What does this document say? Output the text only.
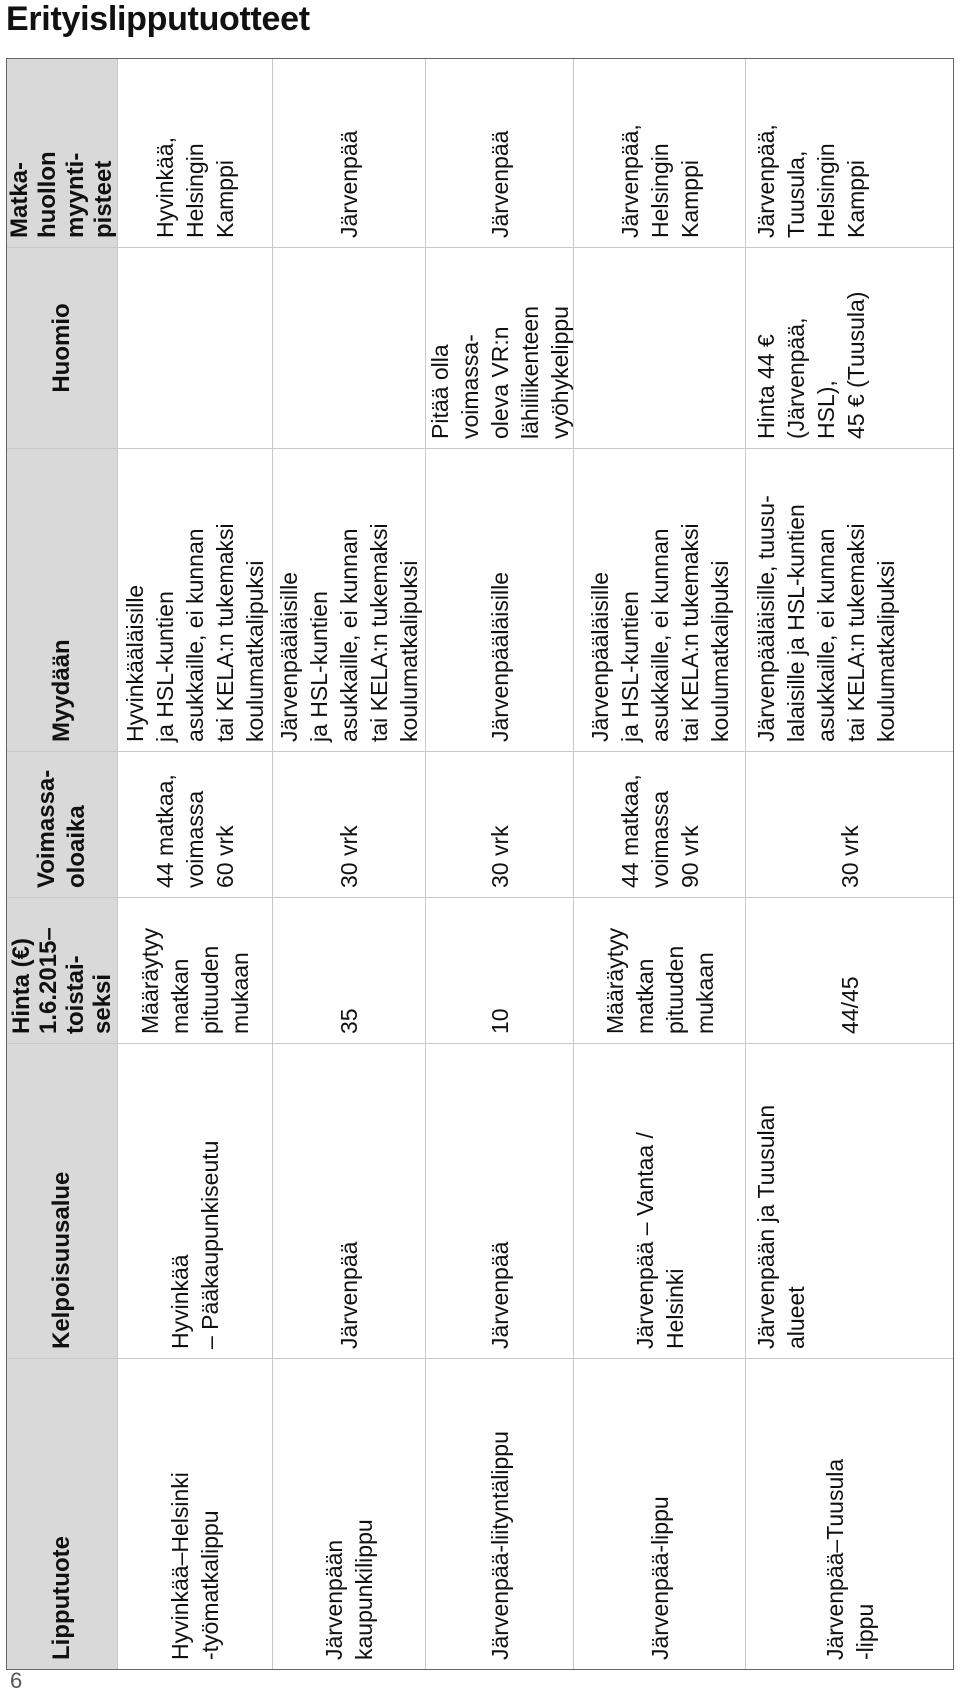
Erityislipputuotteet
Lipputuote
Kelpoisuusalue
Hinta (€)
1.6.2015–
toistai-
seksi
Voimassa-
oloaika
Myydään
Huomio
Matka-
huollon
myynti-
pisteet
Hyvinkää–Helsinki
-työmatkalippu
Hyvinkää
– Pääkaupunkiseutu
Määräytyy
matkan
pituuden
mukaan
44 matkaa,
voimassa
60 vrk
Hyvinkääläisille
ja HSL-kuntien
asukkaille, ei kunnan
tai KELA:n tukemaksi
koulumatkalipuksi
Hyvinkää,
Helsingin
Kamppi
Järvenpään
kaupunkilippu
Järvenpää
35
30 vrk
Järvenpääläisille
ja HSL-kuntien
asukkaille, ei kunnan
tai KELA:n tukemaksi
koulumatkalipuksi
Järvenpää
Järvenpää-liityntälippu
Järvenpää
10
30 vrk
Järvenpääläisille
Pitää olla
voimassa-
oleva VR:n
lähiliikenteen
vyöhykelippu
Järvenpää
Järvenpää-lippu
Järvenpää – Vantaa /
Helsinki
Määräytyy
matkan
pituuden
mukaan
44 matkaa,
voimassa
90 vrk
Järvenpääläisille
ja HSL-kuntien
asukkaille, ei kunnan
tai KELA:n tukemaksi
koulumatkalipuksi
Järvenpää,
Helsingin
Kamppi
Järvenpää–Tuusula
-lippu
Järvenpään ja Tuusulan
alueet
44/45
30 vrk
Järvenpääläisille, tuusu-
lalaisille ja HSL-kuntien
asukkaille, ei kunnan
tai KELA:n tukemaksi
koulumatkalipuksi
Hinta 44 €
(Järvenpää,
HSL),
45 € (Tuusula)
Järvenpää,
Tuusula,
Helsingin
Kamppi
6
